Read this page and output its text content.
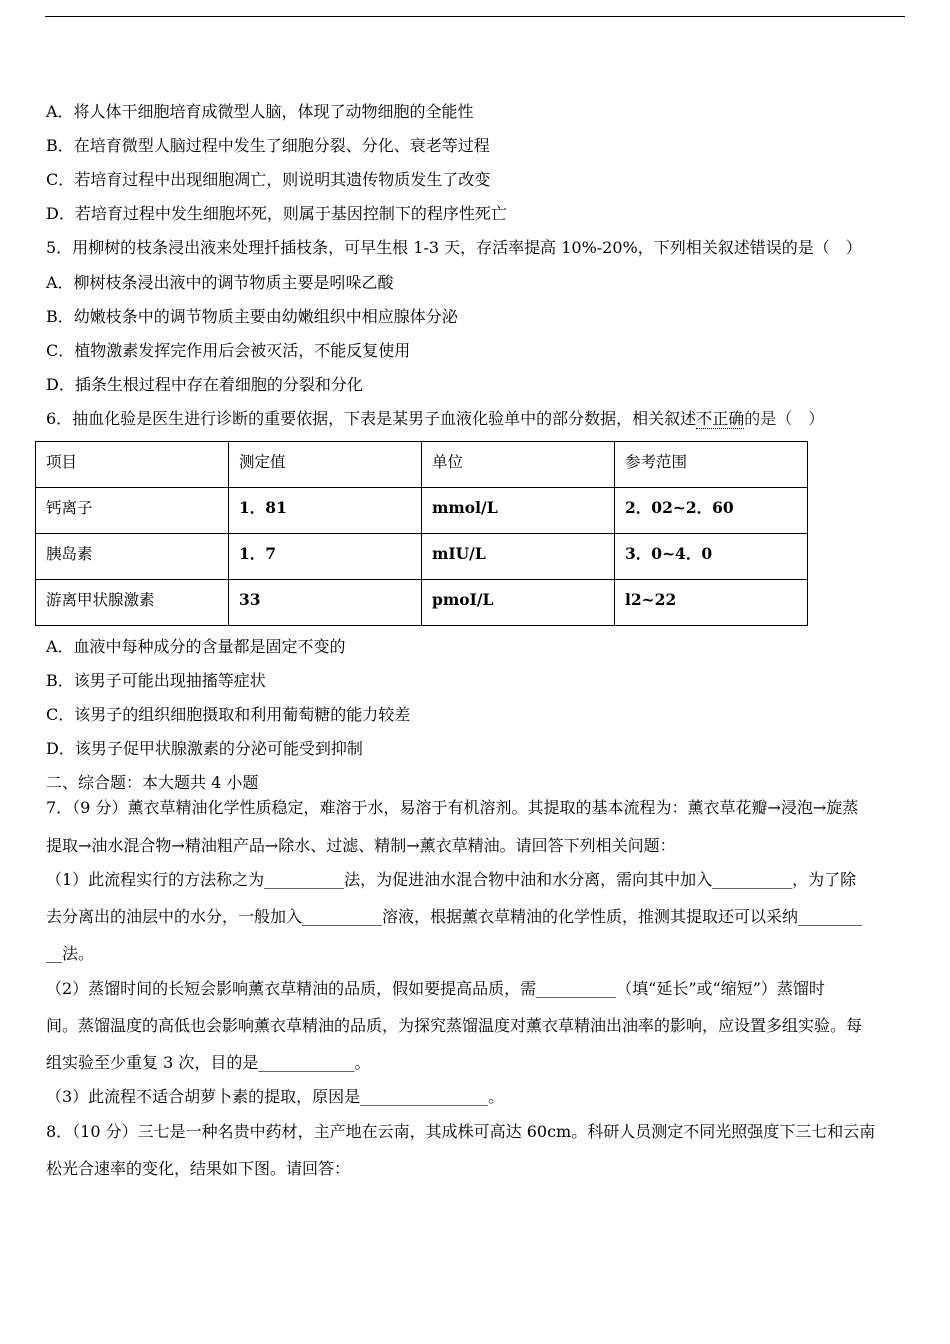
A．将人体干细胞培育成微型人脑，体现了动物细胞的全能性
B．在培育微型人脑过程中发生了细胞分裂、分化、衰老等过程
C．若培育过程中出现细胞凋亡，则说明其遗传物质发生了改变
D．若培育过程中发生细胞坏死，则属于基因控制下的程序性死亡
5．用柳树的枝条浸出液来处理扦插枝条，可早生根 1-3 天，存活率提高 10%-20%，下列相关叙述错误的是（　）
A．柳树枝条浸出液中的调节物质主要是吲哚乙酸
B．幼嫩枝条中的调节物质主要由幼嫩组织中相应腺体分泌
C．植物激素发挥完作用后会被灭活，不能反复使用
D．插条生根过程中存在着细胞的分裂和分化
6．抽血化验是医生进行诊断的重要依据，下表是某男子血液化验单中的部分数据，相关叙述不正确的是（　）
项目	测定值	单位	参考范围
钙离子	1．81	mmol/L	2．02~2．60
胰岛素	1．7	mIU/L	3．0~4．0
游离甲状腺激素	33	pmoI/L	l2~22
A．血液中每种成分的含量都是固定不变的
B．该男子可能出现抽搐等症状
C．该男子的组织细胞摄取和利用葡萄糖的能力较差
D．该男子促甲状腺激素的分泌可能受到抑制
二、综合题：本大题共 4 小题
7．（9 分）薰衣草精油化学性质稳定，难溶于水，易溶于有机溶剂。其提取的基本流程为：薰衣草花瓣→浸泡→旋蒸
提取→油水混合物→精油粗产品→除水、过滤、精制→薰衣草精油。请回答下列相关问题：
（1）此流程实行的方法称之为__________法，为促进油水混合物中油和水分离，需向其中加入__________，为了除
去分离出的油层中的水分，一般加入__________溶液，根据薰衣草精油的化学性质，推测其提取还可以采纳________
__法。
（2）蒸馏时间的长短会影响薰衣草精油的品质，假如要提高品质，需__________（填“延长”或“缩短”）蒸馏时
间。蒸馏温度的高低也会影响薰衣草精油的品质，为探究蒸馏温度对薰衣草精油出油率的影响，应设置多组实验。每
组实验至少重复 3 次，目的是____________。
（3）此流程不适合胡萝卜素的提取，原因是________________。
8．（10 分）三七是一种名贵中药材，主产地在云南，其成株可高达 60cm。科研人员测定不同光照强度下三七和云南
松光合速率的变化，结果如下图。请回答：
